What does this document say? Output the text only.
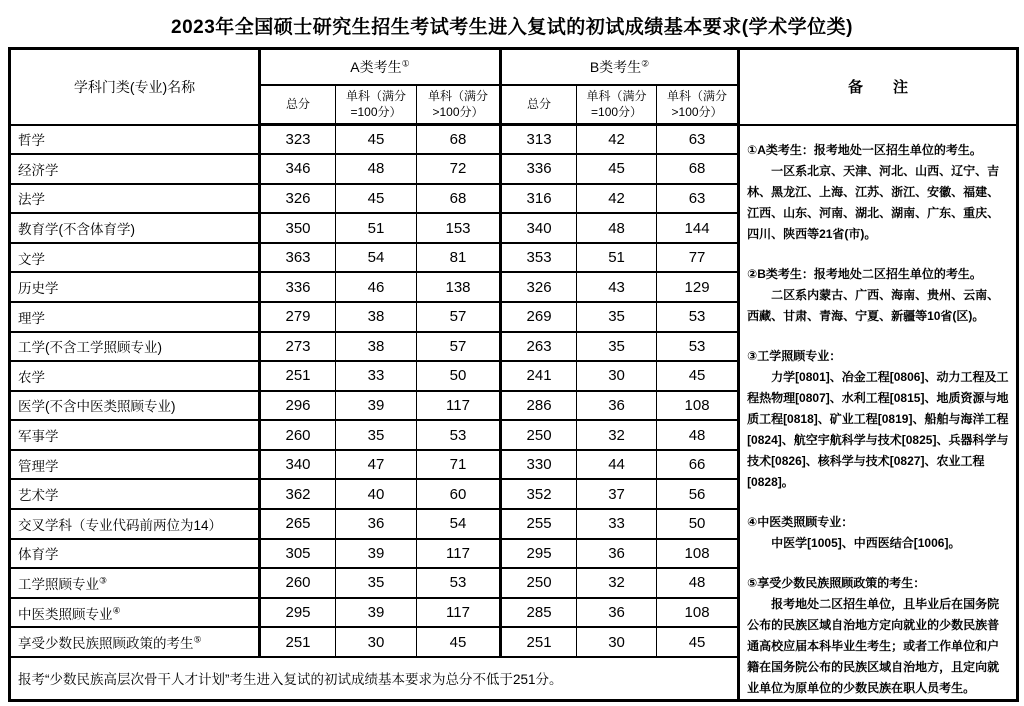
2023年全国硕士研究生招生考试考生进入复试的初试成绩基本要求(学术学位类)
学科门类(专业)名称	A类考生①			B类考生②			备　　注
	总分	单科（满分=100分）	单科（满分>100分）	总分	单科（满分=100分）	单科（满分>100分）	
哲学	323	45	68	313	42	63	

①A类考生：报考地处一区招生单位的考生。

一区系北京、天津、河北、山西、辽宁、吉林、黑龙江、上海、江苏、浙江、安徽、福建、江西、山东、河南、湖北、湖南、广东、重庆、四川、陕西等21省(市)。

②B类考生：报考地处二区招生单位的考生。

二区系内蒙古、广西、海南、贵州、云南、西藏、甘肃、青海、宁夏、新疆等10省(区)。

③工学照顾专业：

力学[0801]、冶金工程[0806]、动力工程及工程热物理[0807]、水利工程[0815]、地质资源与地质工程[0818]、矿业工程[0819]、船舶与海洋工程[0824]、航空宇航科学与技术[0825]、兵器科学与技术[0826]、核科学与技术[0827]、农业工程[0828]。

④中医类照顾专业：

中医学[1005]、中西医结合[1006]。

⑤享受少数民族照顾政策的考生：

报考地处二区招生单位，且毕业后在国务院公布的民族区域自治地方定向就业的少数民族普通高校应届本科毕业生考生；或者工作单位和户籍在国务院公布的民族区域自治地方，且定向就业单位为原单位的少数民族在职人员考生。

经济学	346	48	72	336	45	68	
法学	326	45	68	316	42	63	
教育学(不含体育学)	350	51	153	340	48	144	
文学	363	54	81	353	51	77	
历史学	336	46	138	326	43	129	
理学	279	38	57	269	35	53	
工学(不含工学照顾专业)	273	38	57	263	35	53	
农学	251	33	50	241	30	45	
医学(不含中医类照顾专业)	296	39	117	286	36	108	
军事学	260	35	53	250	32	48	
管理学	340	47	71	330	44	66	
艺术学	362	40	60	352	37	56	
交叉学科（专业代码前两位为14）	265	36	54	255	33	50	
体育学	305	39	117	295	36	108	
工学照顾专业③	260	35	53	250	32	48	
中医类照顾专业④	295	39	117	285	36	108	
享受少数民族照顾政策的考生⑤	251	30	45	251	30	45	
报考“少数民族高层次骨干人才计划”考生进入复试的初试成绩基本要求为总分不低于251分。							
